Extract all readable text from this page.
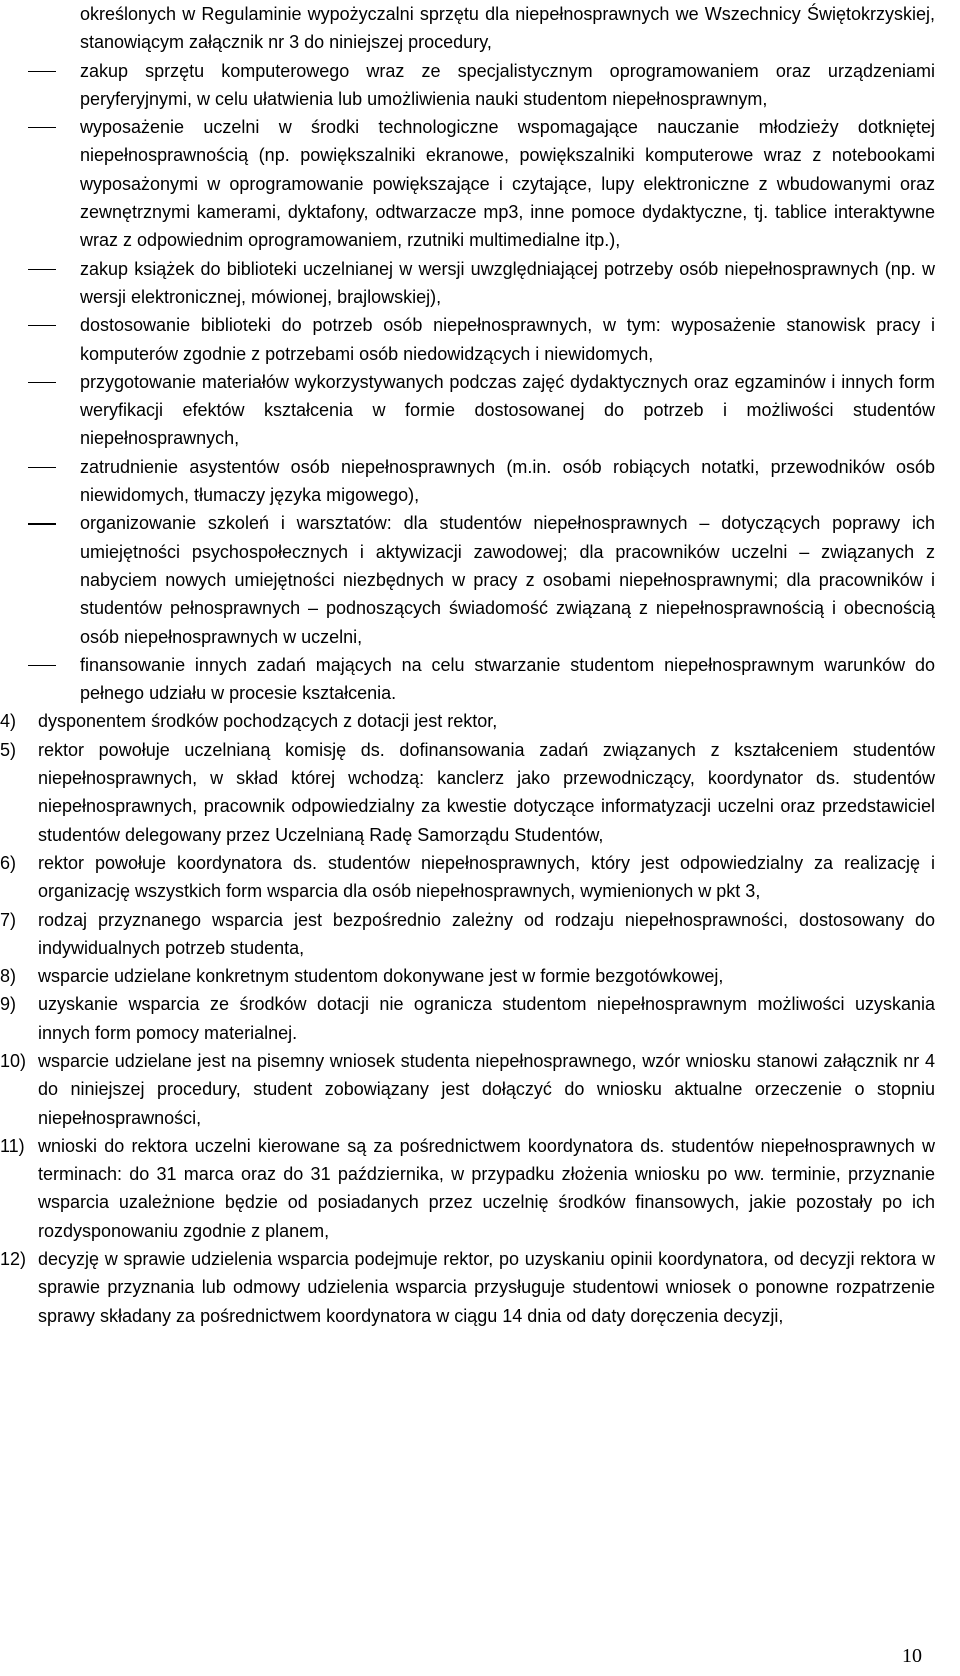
określonych w Regulaminie wypożyczalni sprzętu dla niepełnosprawnych we Wszechnicy Świętokrzyskiej, stanowiącym załącznik nr 3 do niniejszej procedury,
zakup sprzętu komputerowego wraz ze specjalistycznym oprogramowaniem oraz urządzeniami peryferyjnymi, w celu ułatwienia lub umożliwienia nauki studentom niepełnosprawnym,
wyposażenie uczelni w środki technologiczne wspomagające nauczanie młodzieży dotkniętej niepełnosprawnością (np. powiększalniki ekranowe, powiększalniki komputerowe wraz z notebookami wyposażonymi w oprogramowanie powiększające i czytające, lupy elektroniczne z wbudowanymi oraz zewnętrznymi kamerami, dyktafony, odtwarzacze mp3, inne pomoce dydaktyczne, tj. tablice interaktywne wraz z odpowiednim oprogramowaniem, rzutniki multimedialne itp.),
zakup książek do biblioteki uczelnianej w wersji uwzględniającej potrzeby osób niepełnosprawnych (np. w wersji elektronicznej, mówionej, brajlowskiej),
dostosowanie biblioteki do potrzeb osób niepełnosprawnych, w tym: wyposażenie stanowisk pracy i komputerów zgodnie z potrzebami osób niedowidzących i niewidomych,
przygotowanie materiałów wykorzystywanych podczas zajęć dydaktycznych oraz egzaminów i innych form weryfikacji efektów kształcenia w formie dostosowanej do potrzeb i możliwości studentów niepełnosprawnych,
zatrudnienie asystentów osób niepełnosprawnych (m.in. osób robiących notatki, przewodników osób niewidomych, tłumaczy języka migowego),
organizowanie szkoleń i warsztatów: dla studentów niepełnosprawnych – dotyczących poprawy ich umiejętności psychospołecznych i aktywizacji zawodowej; dla pracowników uczelni – związanych z nabyciem nowych umiejętności niezbędnych w pracy z osobami niepełnosprawnymi; dla pracowników i studentów pełnosprawnych – podnoszących świadomość związaną z niepełnosprawnością i obecnością osób niepełnosprawnych w uczelni,
finansowanie innych zadań mających na celu stwarzanie studentom niepełnosprawnym warunków do pełnego udziału w procesie kształcenia.
4) dysponentem środków pochodzących z dotacji jest rektor,
5) rektor powołuje uczelnianą komisję ds. dofinansowania zadań związanych z kształceniem studentów niepełnosprawnych, w skład której wchodzą: kanclerz jako przewodniczący, koordynator ds. studentów niepełnosprawnych, pracownik odpowiedzialny za kwestie dotyczące informatyzacji uczelni oraz przedstawiciel studentów delegowany przez Uczelnianą Radę Samorządu Studentów,
6) rektor powołuje koordynatora ds. studentów niepełnosprawnych, który jest odpowiedzialny za realizację i organizację wszystkich form wsparcia dla osób niepełnosprawnych, wymienionych w pkt 3,
7) rodzaj przyznanego wsparcia jest bezpośrednio zależny od rodzaju niepełnosprawności, dostosowany do indywidualnych potrzeb studenta,
8) wsparcie udzielane konkretnym studentom dokonywane jest w formie bezgotówkowej,
9) uzyskanie wsparcia ze środków dotacji nie ogranicza studentom niepełnosprawnym możliwości uzyskania innych form pomocy materialnej.
10) wsparcie udzielane jest na pisemny wniosek studenta niepełnosprawnego, wzór wniosku stanowi załącznik nr 4 do niniejszej procedury, student zobowiązany jest dołączyć do wniosku aktualne orzeczenie o stopniu niepełnosprawności,
11) wnioski do rektora uczelni kierowane są za pośrednictwem koordynatora ds. studentów niepełnosprawnych w terminach: do 31 marca oraz do 31 października, w przypadku złożenia wniosku po ww. terminie, przyznanie wsparcia uzależnione będzie od posiadanych przez uczelnię środków finansowych, jakie pozostały po ich rozdysponowaniu zgodnie z planem,
12) decyzję w sprawie udzielenia wsparcia podejmuje rektor, po uzyskaniu opinii koordynatora, od decyzji rektora w sprawie przyznania lub odmowy udzielenia wsparcia przysługuje studentowi wniosek o ponowne rozpatrzenie sprawy składany za pośrednictwem koordynatora w ciągu 14 dnia od daty doręczenia decyzji,
10
